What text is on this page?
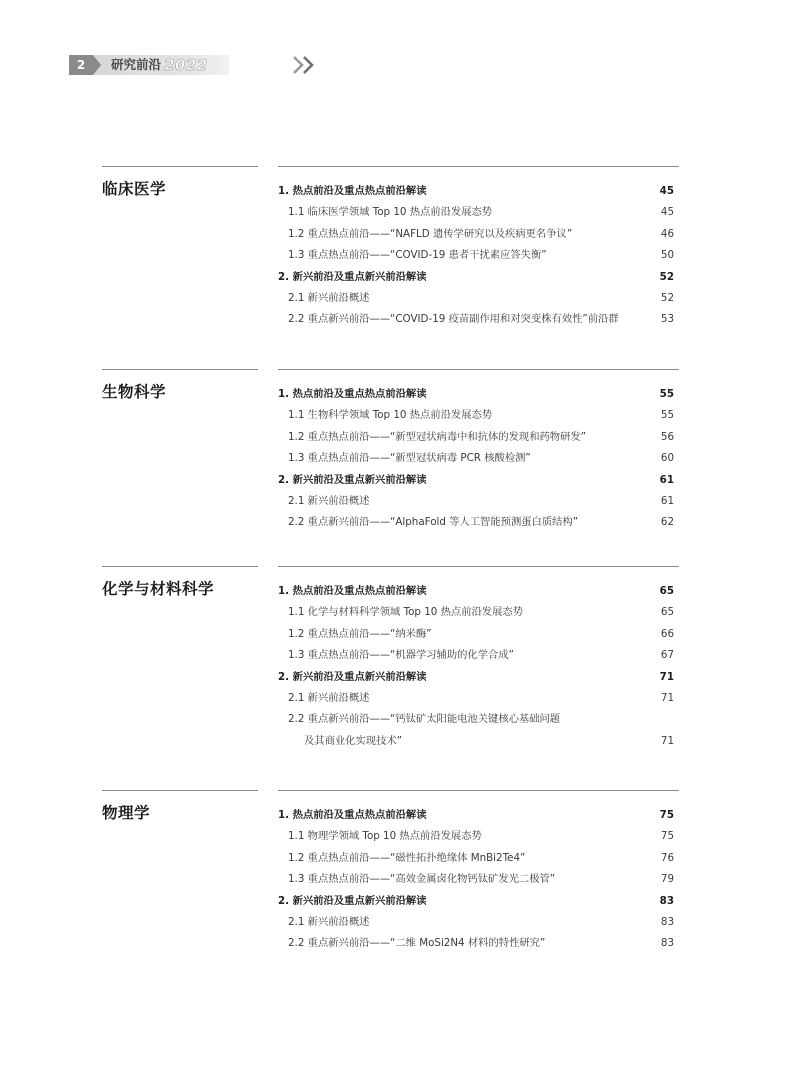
2	研究前沿 2022
临床医学	1. 热点前沿及重点热点前沿解读	45
1.1 临床医学领域 Top 10 热点前沿发展态势	45
1.2 重点热点前沿——“NAFLD 遗传学研究以及疾病更名争议”	46
1.3 重点热点前沿——“COVID-19 患者干扰素应答失衡”	50
2. 新兴前沿及重点新兴前沿解读	52
2.1 新兴前沿概述	52
2.2 重点新兴前沿——“COVID-19 疫苗副作用和对突变株有效性”前沿群	53
生物科学	1. 热点前沿及重点热点前沿解读	55
1.1 生物科学领域 Top 10 热点前沿发展态势	55
1.2 重点热点前沿——“新型冠状病毒中和抗体的发现和药物研发”	56
1.3 重点热点前沿——“新型冠状病毒 PCR 核酸检测”	60
2. 新兴前沿及重点新兴前沿解读	61
2.1 新兴前沿概述	61
2.2 重点新兴前沿——“AlphaFold 等人工智能预测蛋白质结构”	62
化学与材料科学	1. 热点前沿及重点热点前沿解读	65
1.1 化学与材料科学领域 Top 10 热点前沿发展态势	65
1.2 重点热点前沿——“纳米酶”	66
1.3 重点热点前沿——“机器学习辅助的化学合成”	67
2. 新兴前沿及重点新兴前沿解读	71
2.1 新兴前沿概述	71
2.2 重点新兴前沿——“钙钛矿太阳能电池关键核心基础问题
及其商业化实现技术”	71
物理学	1. 热点前沿及重点热点前沿解读	75
1.1 物理学领域 Top 10 热点前沿发展态势	75
1.2 重点热点前沿——“磁性拓扑绝缘体 MnBi2Te4”	76
1.3 重点热点前沿——“高效金属卤化物钙钛矿发光二极管”	79
2. 新兴前沿及重点新兴前沿解读	83
2.1 新兴前沿概述	83
2.2 重点新兴前沿——“二维 MoSi2N4 材料的特性研究”	83
